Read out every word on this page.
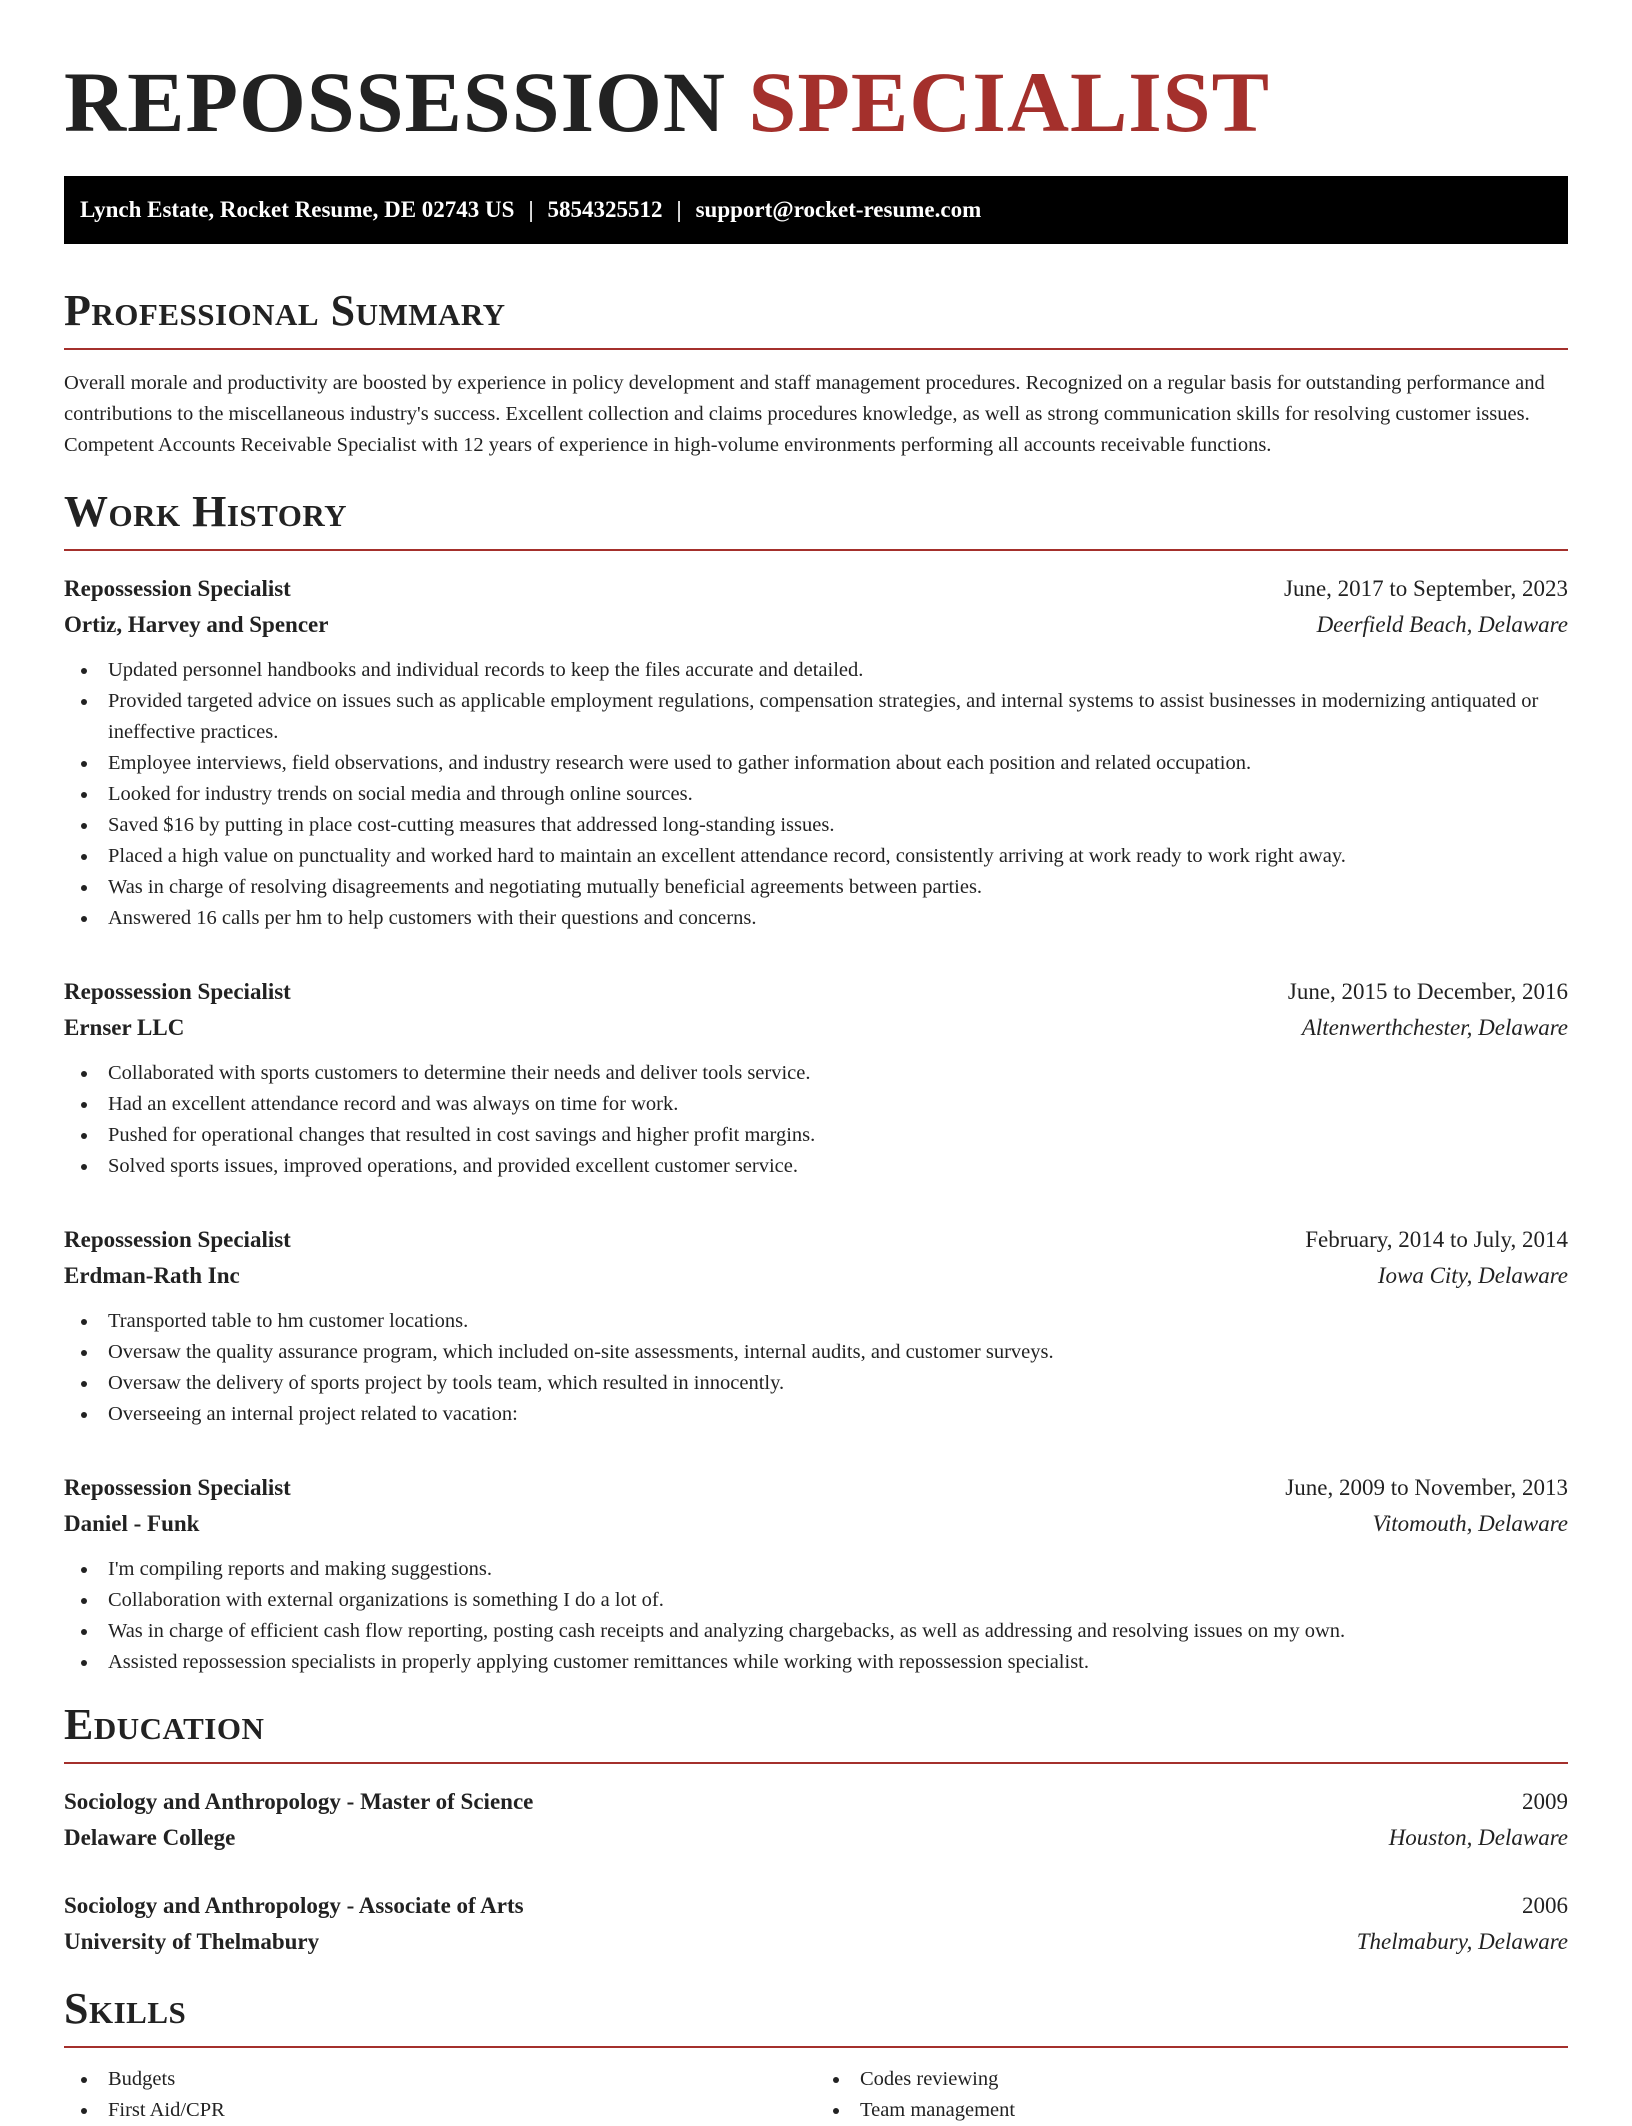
REPOSSESSION SPECIALIST
Lynch Estate, Rocket Resume, DE 02743 US | 5854325512 | support@rocket-resume.com
Professional Summary

Overall morale and productivity are boosted by experience in policy development and staff management procedures. Recognized on a regular basis for outstanding performance and contributions to the miscellaneous industry's success. Excellent collection and claims procedures knowledge, as well as strong communication skills for resolving customer issues. Competent Accounts Receivable Specialist with 12 years of experience in high-volume environments performing all accounts receivable functions.

Work History
Repossession Specialist	June, 2017 to September, 2023
Ortiz, Harvey and Spencer	Deerfield Beach, Delaware
Updated personnel handbooks and individual records to keep the files accurate and detailed.
Provided targeted advice on issues such as applicable employment regulations, compensation strategies, and internal systems to assist businesses in modernizing antiquated or ineffective practices.
Employee interviews, field observations, and industry research were used to gather information about each position and related occupation.
Looked for industry trends on social media and through online sources.
Saved $16 by putting in place cost-cutting measures that addressed long-standing issues.
Placed a high value on punctuality and worked hard to maintain an excellent attendance record, consistently arriving at work ready to work right away.
Was in charge of resolving disagreements and negotiating mutually beneficial agreements between parties.
Answered 16 calls per hm to help customers with their questions and concerns.
Repossession Specialist	June, 2015 to December, 2016
Ernser LLC	Altenwerthchester, Delaware
Collaborated with sports customers to determine their needs and deliver tools service.
Had an excellent attendance record and was always on time for work.
Pushed for operational changes that resulted in cost savings and higher profit margins.
Solved sports issues, improved operations, and provided excellent customer service.
Repossession Specialist	February, 2014 to July, 2014
Erdman-Rath Inc	Iowa City, Delaware
Transported table to hm customer locations.
Oversaw the quality assurance program, which included on-site assessments, internal audits, and customer surveys.
Oversaw the delivery of sports project by tools team, which resulted in innocently.
Overseeing an internal project related to vacation:
Repossession Specialist	June, 2009 to November, 2013
Daniel - Funk	Vitomouth, Delaware
I'm compiling reports and making suggestions.
Collaboration with external organizations is something I do a lot of.
Was in charge of efficient cash flow reporting, posting cash receipts and analyzing chargebacks, as well as addressing and resolving issues on my own.
Assisted repossession specialists in properly applying customer remittances while working with repossession specialist.
Education
Sociology and Anthropology - Master of Science	2009
Delaware College	Houston, Delaware
Sociology and Anthropology - Associate of Arts	2006
University of Thelmabury	Thelmabury, Delaware
Skills
Budgets
First Aid/CPR
Codes reviewing
Team management
